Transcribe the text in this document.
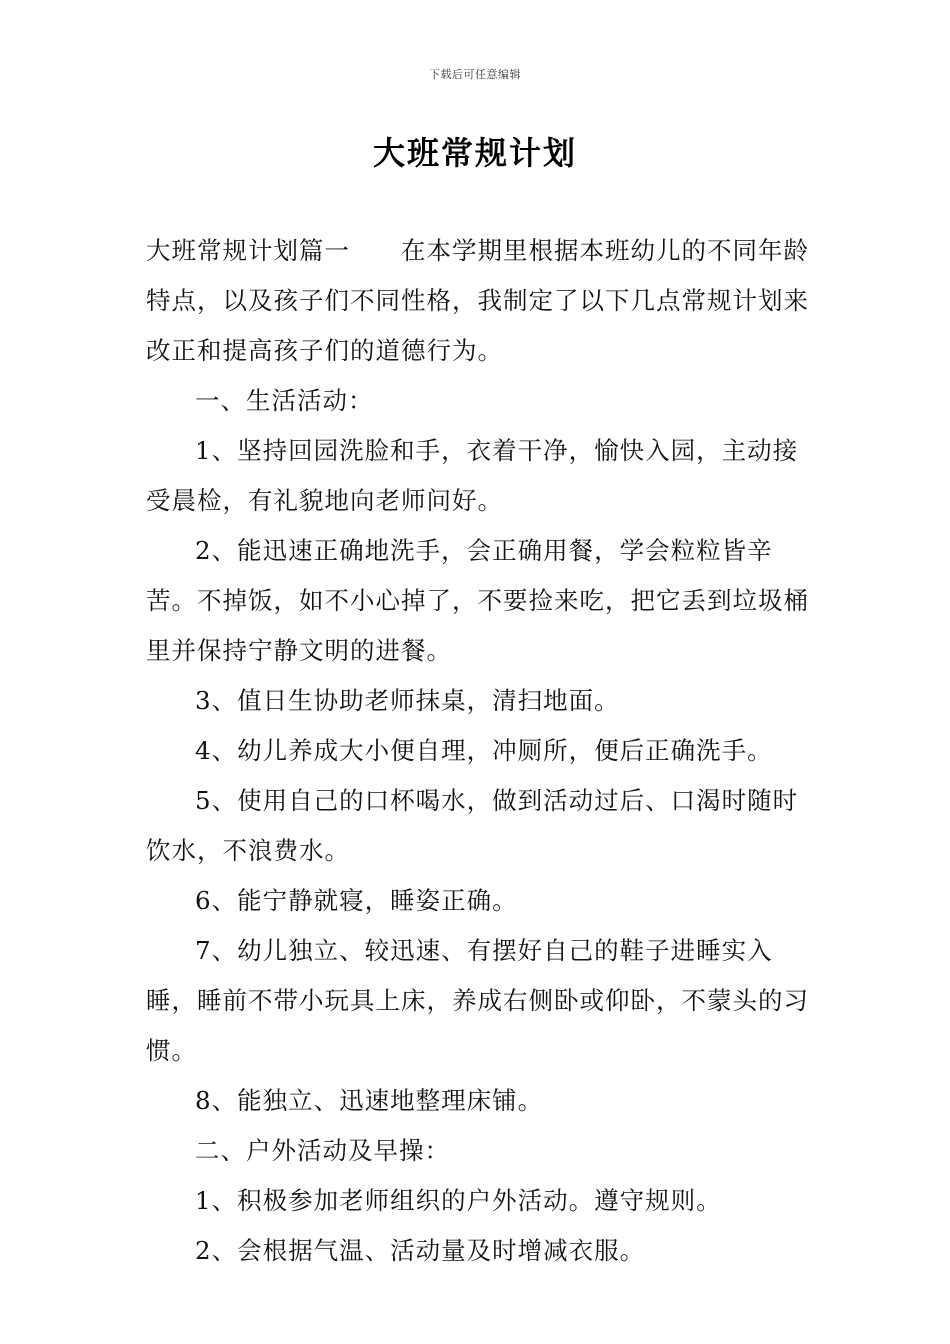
下载后可任意编辑
大班常规计划

大班常规计划篇一　　在本学期里根据本班幼儿的不同年龄特点，以及孩子们不同性格，我制定了以下几点常规计划来改正和提高孩子们的道德行为。

一、生活活动：

1、坚持回园洗脸和手，衣着干净，愉快入园，主动接受晨检，有礼貌地向老师问好。

2、能迅速正确地洗手，会正确用餐，学会粒粒皆辛苦。不掉饭，如不小心掉了，不要捡来吃，把它丢到垃圾桶里并保持宁静文明的进餐。

3、值日生协助老师抹桌，清扫地面。

4、幼儿养成大小便自理，冲厕所，便后正确洗手。

5、使用自己的口杯喝水，做到活动过后、口渴时随时饮水，不浪费水。

6、能宁静就寝，睡姿正确。

7、幼儿独立、较迅速、有摆好自己的鞋子进睡实入睡，睡前不带小玩具上床，养成右侧卧或仰卧，不蒙头的习惯。

8、能独立、迅速地整理床铺。

二、户外活动及早操：

1、积极参加老师组织的户外活动。遵守规则。

2、会根据气温、活动量及时增减衣服。
